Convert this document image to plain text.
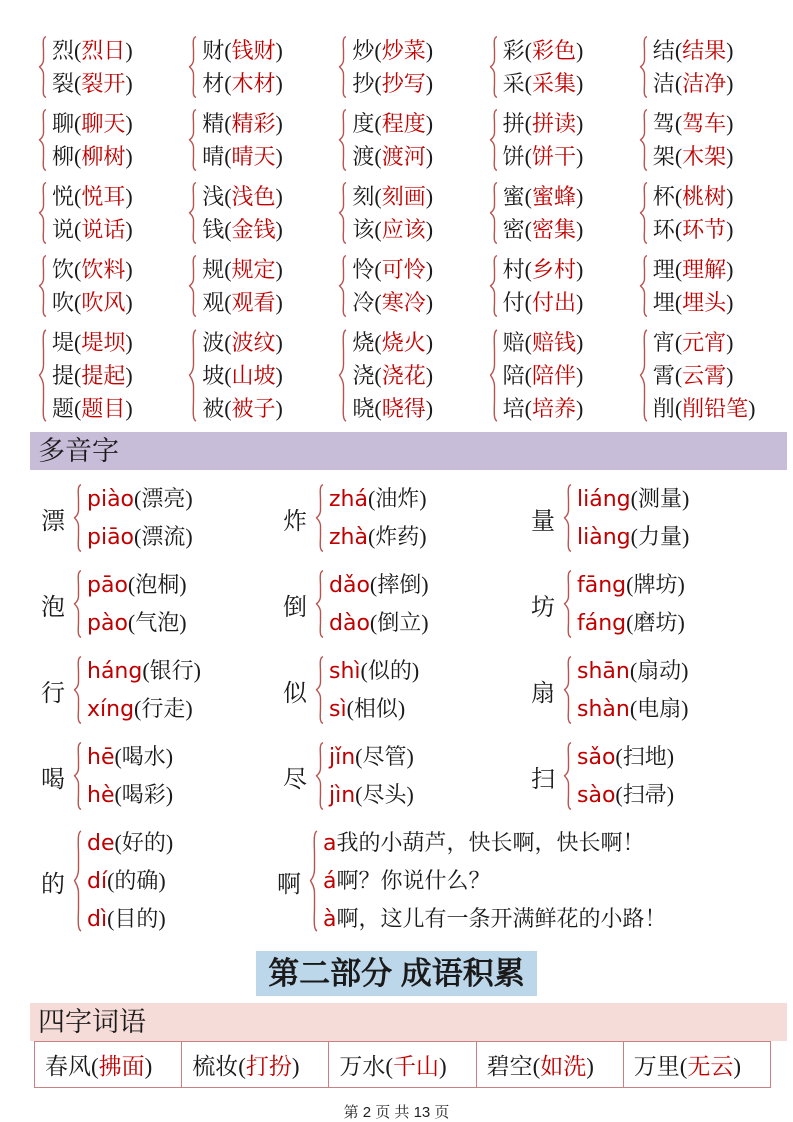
烈(烈日)
裂(裂开)
财(钱财)
材(木材)
炒(炒菜)
抄(抄写)
彩(彩色)
采(采集)
结(结果)
洁(洁净)
聊(聊天)
柳(柳树)
精(精彩)
晴(晴天)
度(程度)
渡(渡河)
拼(拼读)
饼(饼干)
驾(驾车)
架(木架)
悦(悦耳)
说(说话)
浅(浅色)
钱(金钱)
刻(刻画)
该(应该)
蜜(蜜蜂)
密(密集)
杯(桃树)
环(环节)
饮(饮料)
吹(吹风)
规(规定)
观(观看)
怜(可怜)
冷(寒冷)
村(乡村)
付(付出)
理(理解)
埋(埋头)
堤(堤坝)
提(提起)
题(题目)
波(波纹)
坡(山坡)
被(被子)
烧(烧火)
浇(浇花)
晓(晓得)
赔(赔钱)
陪(陪伴)
培(培养)
宵(元宵)
霄(云霄)
削(削铅笔)
多音字
漂
piào(漂亮)
piāo(漂流)
炸
zhá(油炸)
zhà(炸药)
量
liáng(测量)
liàng(力量)
泡
pāo(泡桐)
pào(气泡)
倒
dǎo(摔倒)
dào(倒立)
坊
fāng(牌坊)
fáng(磨坊)
行
háng(银行)
xíng(行走)
似
shì(似的)
sì(相似)
扇
shān(扇动)
shàn(电扇)
喝
hē(喝水)
hè(喝彩)
尽
jǐn(尽管)
jìn(尽头)
扫
sǎo(扫地)
sào(扫帚)
的
de(好的)
dí(的确)
dì(目的)
啊
a我的小葫芦，快长啊，快长啊！
á啊？你说什么？
à啊，这儿有一条开满鲜花的小路！
第二部分 成语积累
四字词语
春风(拂面)	梳妆(打扮)	万水(千山)	碧空(如洗)	万里(无云)
第 2 页 共 13 页
